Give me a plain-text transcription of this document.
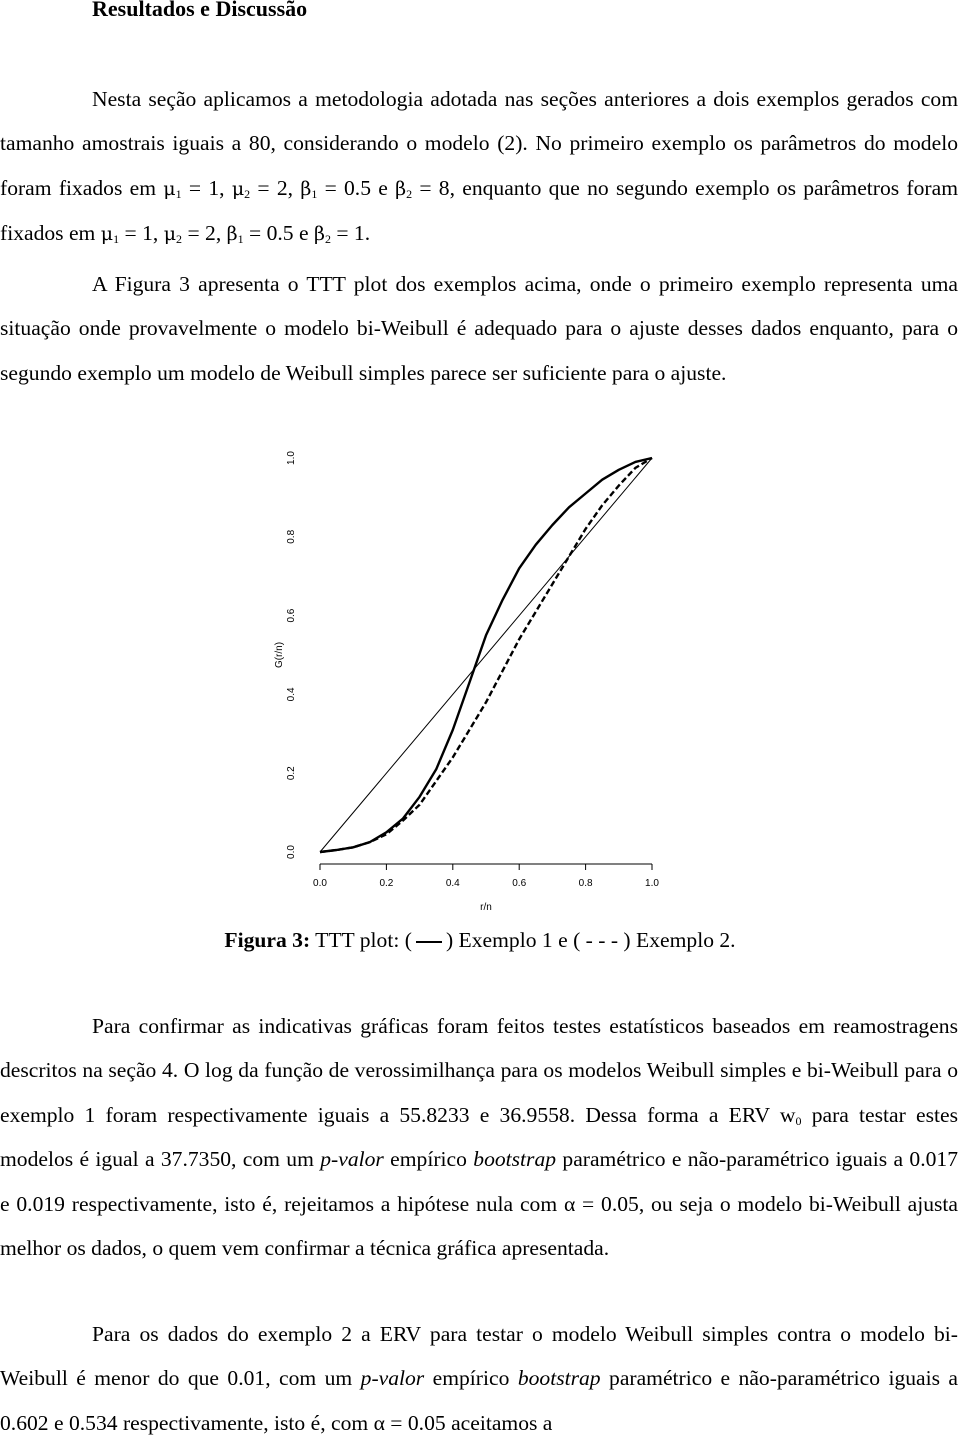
Resultados e Discussão

Nesta seção aplicamos a metodologia adotada nas seções anteriores a dois exemplos gerados com tamanho amostrais iguais a 80, considerando o modelo (2). No primeiro exemplo os parâmetros do modelo foram fixados em $\mu_1 = 1$, $\mu_2 = 2$, $\beta_1 = 0.5$ e $\beta_2 = 8$, enquanto que no segundo exemplo os parâmetros foram fixados em $\mu_1 = 1$, $\mu_2 = 2$, $\beta_1 = 0.5$ e $\beta_2 = 1$.

A Figura 3 apresenta o TTT plot dos exemplos acima, onde o primeiro exemplo representa uma situação onde provavelmente o modelo bi-Weibull é adequado para o ajuste desses dados enquanto, para o segundo exemplo um modelo de Weibull simples parece ser suficiente para o ajuste.

0.0	0.2	0.4	0.6	0.8	1.0
r/n
0.0
0.2
0.4
0.6
0.8
1.0
G(r/n)

Figura 3: TTT plot: ( ) Exemplo 1 e ( - - - ) Exemplo 2.

Para confirmar as indicativas gráficas foram feitos testes estatísticos baseados em reamostragens descritos na seção 4. O log da função de verossimilhança para os modelos Weibull simples e bi-Weibull para o exemplo 1 foram respectivamente iguais a 55.8233 e 36.9558. Dessa forma a ERV $w_0$ para testar estes modelos é igual a 37.7350, com um p-valor empírico bootstrap paramétrico e não-paramétrico iguais a 0.017 e 0.019 respectivamente, isto é, rejeitamos a hipótese nula com α = 0.05, ou seja o modelo bi-Weibull ajusta melhor os dados, o quem vem confirmar a técnica gráfica apresentada.

Para os dados do exemplo 2 a ERV para testar o modelo Weibull simples contra o modelo bi-Weibull é menor do que 0.01, com um p-valor empírico bootstrap paramétrico e não-paramétrico iguais a 0.602 e 0.534 respectivamente, isto é, com α = 0.05 aceitamos a
